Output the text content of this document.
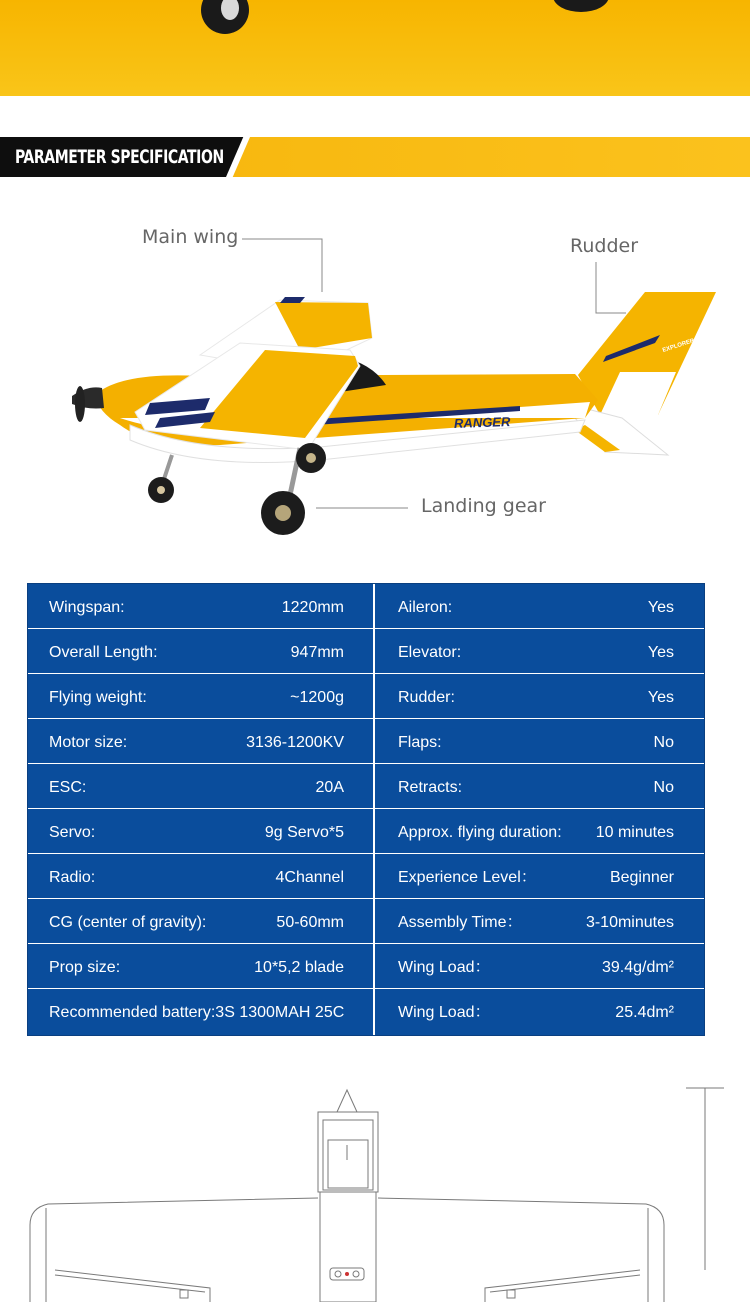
PARAMETER SPECIFICATION
RANGER
EXPLORER
Main wing	Rudder
Landing gear
Wingspan:	1220mm	Aileron:	Yes
Overall Length:	947mm	Elevator:	Yes
Flying weight:	~1200g	Rudder:	Yes
Motor size:	3136-1200KV	Flaps:	No
ESC:	20A	Retracts:	No
Servo:	9g Servo*5	Approx. flying duration: 10 minutes
Radio:	4Channel	Experience Level：	Beginner
CG (center of gravity):	50-60mm	Assembly Time：	3-10minutes
Prop size:	10*5,2 blade	Wing Load：	39.4g/dm²
Recommended battery:3S 1300MAH 25C	Wing Load：	25.4dm²
